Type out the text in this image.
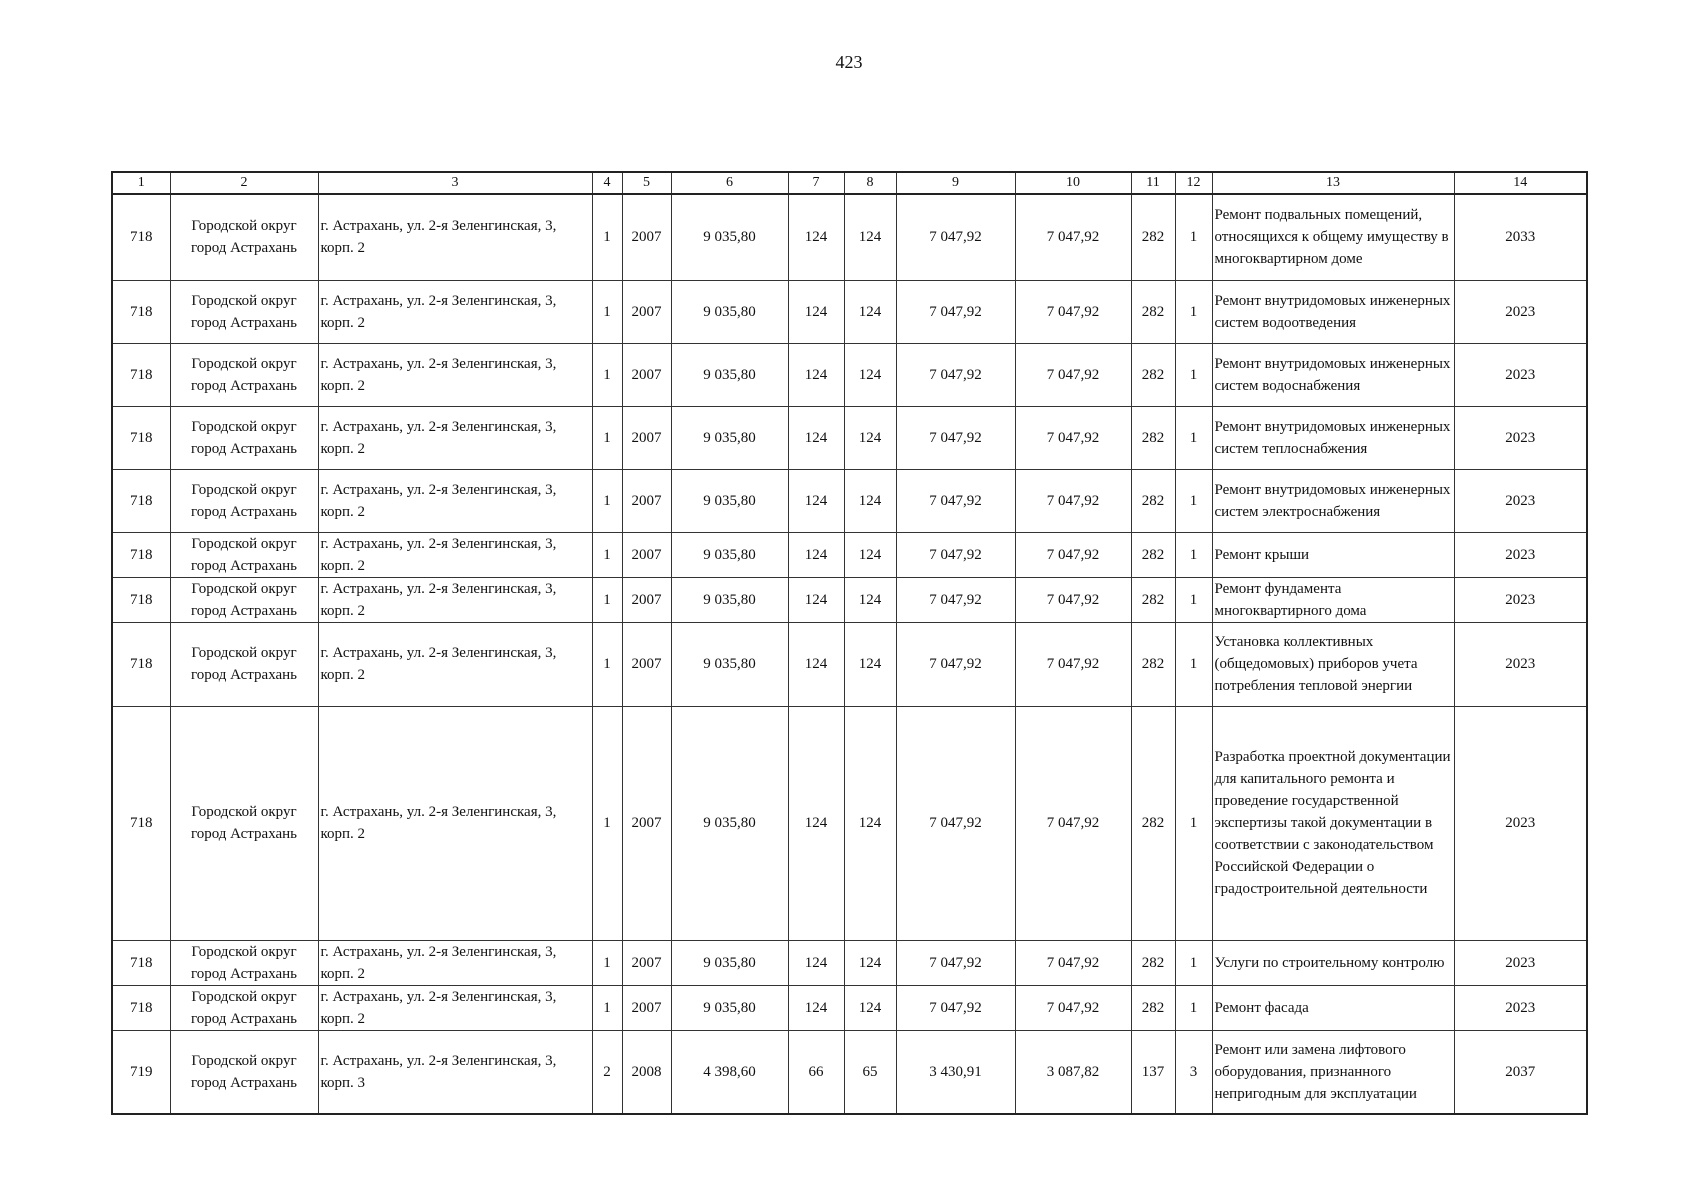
423
1	2	3	4	5	6	7	8	9	10	11	12	13	14
718	Городской округ город Астрахань	г. Астрахань, ул. 2-я Зеленгинская, 3, корп. 2	1	2007	9 035,80	124	124	7 047,92	7 047,92	282	1	Ремонт подвальных помещений, относящихся к общему имуществу в многоквартирном доме	2033
718	Городской округ город Астрахань	г. Астрахань, ул. 2-я Зеленгинская, 3, корп. 2	1	2007	9 035,80	124	124	7 047,92	7 047,92	282	1	Ремонт внутридомовых инженерных систем водоотведения	2023
718	Городской округ город Астрахань	г. Астрахань, ул. 2-я Зеленгинская, 3, корп. 2	1	2007	9 035,80	124	124	7 047,92	7 047,92	282	1	Ремонт внутридомовых инженерных систем водоснабжения	2023
718	Городской округ город Астрахань	г. Астрахань, ул. 2-я Зеленгинская, 3, корп. 2	1	2007	9 035,80	124	124	7 047,92	7 047,92	282	1	Ремонт внутридомовых инженерных систем теплоснабжения	2023
718	Городской округ город Астрахань	г. Астрахань, ул. 2-я Зеленгинская, 3, корп. 2	1	2007	9 035,80	124	124	7 047,92	7 047,92	282	1	Ремонт внутридомовых инженерных систем электроснабжения	2023
718	Городской округ город Астрахань	г. Астрахань, ул. 2-я Зеленгинская, 3, корп. 2	1	2007	9 035,80	124	124	7 047,92	7 047,92	282	1	Ремонт крыши	2023
718	Городской округ город Астрахань	г. Астрахань, ул. 2-я Зеленгинская, 3, корп. 2	1	2007	9 035,80	124	124	7 047,92	7 047,92	282	1	Ремонт фундамента многоквартирного дома	2023
718	Городской округ город Астрахань	г. Астрахань, ул. 2-я Зеленгинская, 3, корп. 2	1	2007	9 035,80	124	124	7 047,92	7 047,92	282	1	Установка коллективных (общедомовых) приборов учета потребления тепловой энергии	2023
718	Городской округ город Астрахань	г. Астрахань, ул. 2-я Зеленгинская, 3, корп. 2	1	2007	9 035,80	124	124	7 047,92	7 047,92	282	1	Разработка проектной документации для капитального ремонта и проведение государственной экспертизы такой документации в соответствии с законодательством Российской Федерации о градостроительной деятельности	2023
718	Городской округ город Астрахань	г. Астрахань, ул. 2-я Зеленгинская, 3, корп. 2	1	2007	9 035,80	124	124	7 047,92	7 047,92	282	1	Услуги по строительному контролю	2023
718	Городской округ город Астрахань	г. Астрахань, ул. 2-я Зеленгинская, 3, корп. 2	1	2007	9 035,80	124	124	7 047,92	7 047,92	282	1	Ремонт фасада	2023
719	Городской округ город Астрахань	г. Астрахань, ул. 2-я Зеленгинская, 3, корп. 3	2	2008	4 398,60	66	65	3 430,91	3 087,82	137	3	Ремонт или замена лифтового оборудования, признанного непригодным для эксплуатации	2037
